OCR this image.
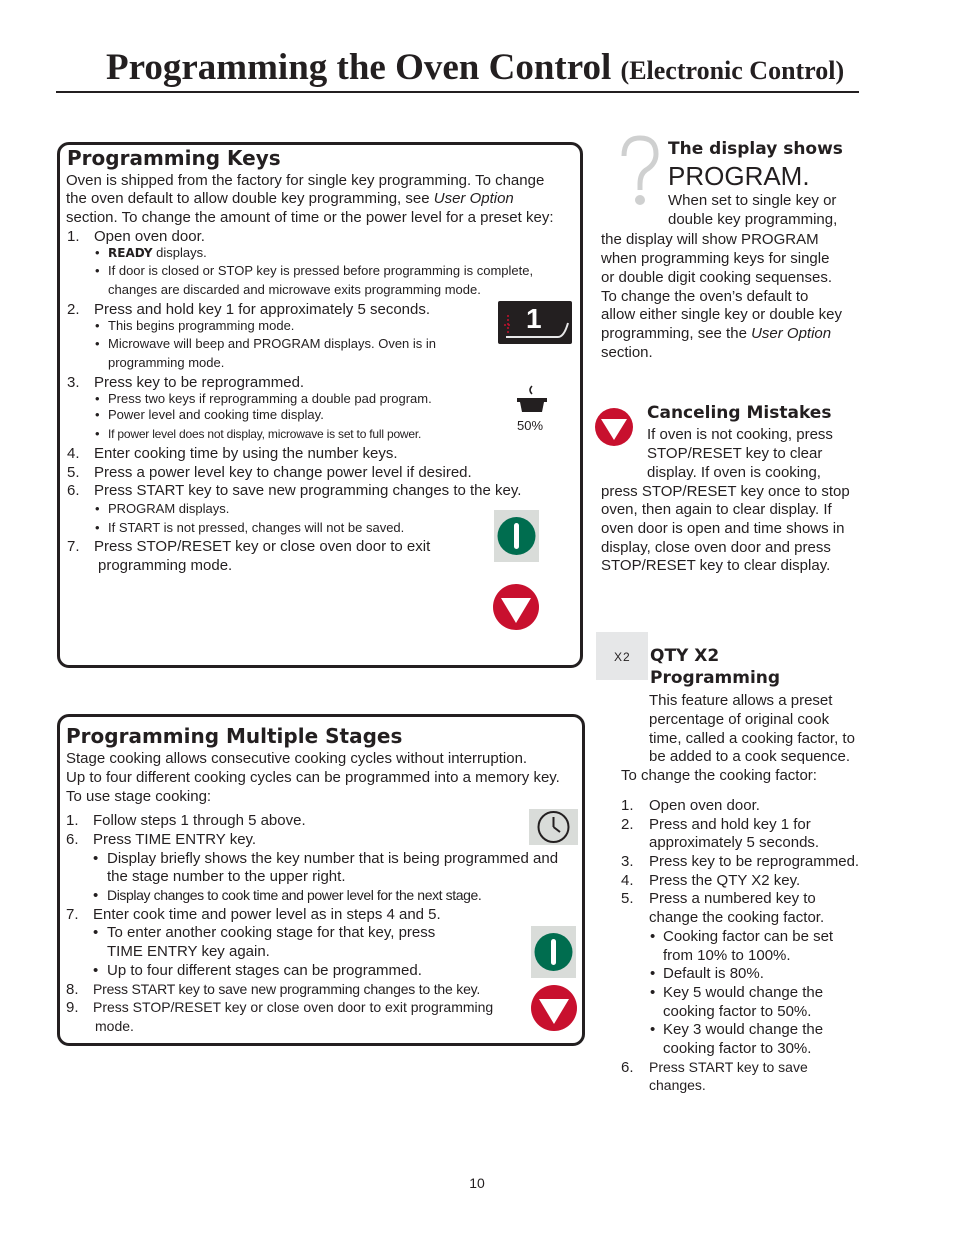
Programming the Oven Control (Electronic Control)
Programming Keys
Oven is shipped from the factory for single key programming. To change
the oven default to allow double key programming, see User Option
section. To change the amount of time or the power level for a preset key:
1. Open oven door.
• READY displays.
• If door is closed or STOP key is pressed before programming is complete,
changes are discarded and microwave exits programming mode.
2. Press and hold key 1 for approximately 5 seconds.
• This begins programming mode.
• Microwave will beep and PROGRAM displays. Oven is in
programming mode.
3. Press key to be reprogrammed.
• Press two keys if reprogramming a double pad program.
• Power level and cooking time display.
• If power level does not display, microwave is set to full power.
4. Enter cooking time by using the number keys.
5. Press a power level key to change power level if desired.
6. Press START key to save new programming changes to the key.
• PROGRAM displays.
• If START is not pressed, changes will not be saved.
7. Press STOP/RESET key or close oven door to exit
programming mode.
1
50%
Programming Multiple Stages
Stage cooking allows consecutive cooking cycles without interruption.
Up to four different cooking cycles can be programmed into a memory key.
To use stage cooking:
1. Follow steps 1 through 5 above.
6. Press TIME ENTRY key.
• Display briefly shows the key number that is being programmed and
the stage number to the upper right.
• Display changes to cook time and power level for the next stage.
7. Enter cook time and power level as in steps 4 and 5.
• To enter another cooking stage for that key, press
TIME ENTRY key again.
• Up to four different stages can be programmed.
8. Press START key to save new programming changes to the key.
9. Press STOP/RESET key or close oven door to exit programming
mode.
The display shows
PROGRAM.
When set to single key or
double key programming,
the display will show PROGRAM
when programming keys for single
or double digit cooking sequenses.
To change the oven’s default to
allow either single key or double key
programming, see the User Option
section.
Canceling Mistakes
If oven is not cooking, press
STOP/RESET key to clear
display. If oven is cooking,
press STOP/RESET key once to stop
oven, then again to clear display. If
oven door is open and time shows in
display, close oven door and press
STOP/RESET key to clear display.
X2 QTY X2
Programming
This feature allows a preset
percentage of original cook
time, called a cooking factor, to
be added to a cook sequence.
To change the cooking factor:
1. Open oven door.
2. Press and hold key 1 for
approximately 5 seconds.
3. Press key to be reprogrammed.
4. Press the QTY X2 key.
5. Press a numbered key to
change the cooking factor.
• Cooking factor can be set
from 10% to 100%.
• Default is 80%.
• Key 5 would change the
cooking factor to 50%.
• Key 3 would change the
cooking factor to 30%.
6. Press START key to save
changes.
10
